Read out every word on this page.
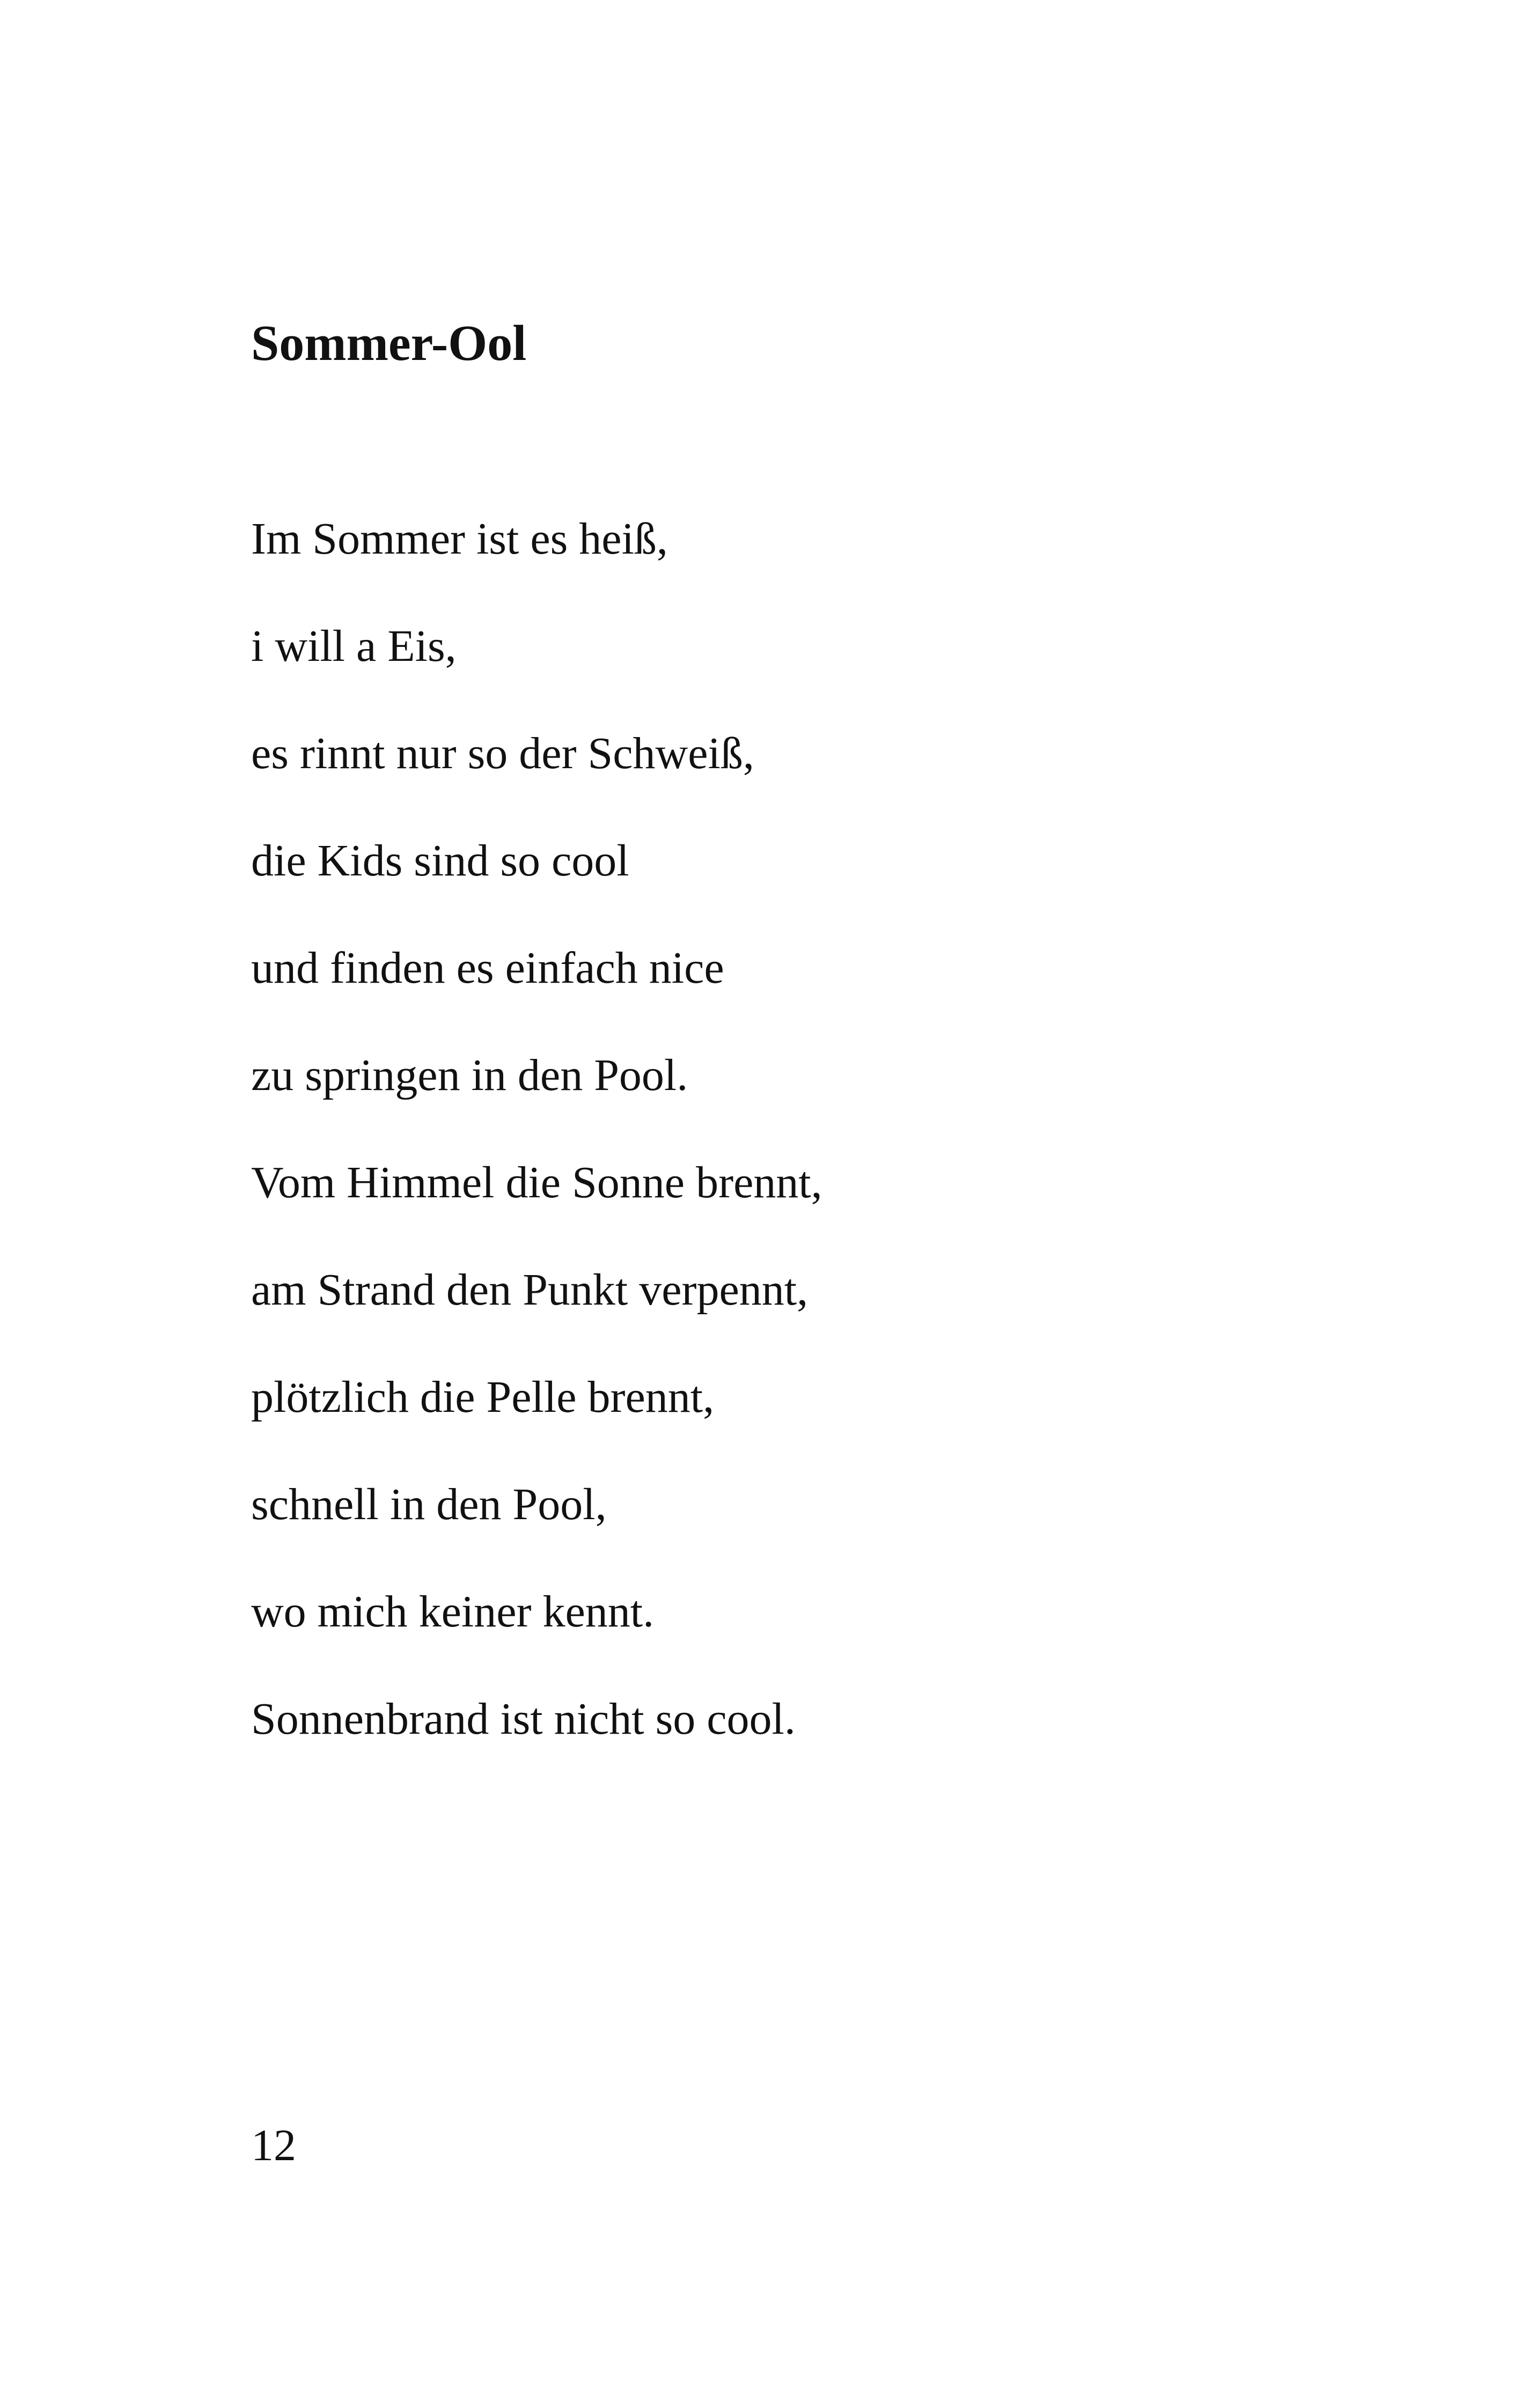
Sommer-Ool
Im Sommer ist es heiß,
i will a Eis,
es rinnt nur so der Schweiß,
die Kids sind so cool
und finden es einfach nice
zu springen in den Pool.
Vom Himmel die Sonne brennt,
am Strand den Punkt verpennt,
plötzlich die Pelle brennt,
schnell in den Pool,
wo mich keiner kennt.
Sonnenbrand ist nicht so cool.

12
